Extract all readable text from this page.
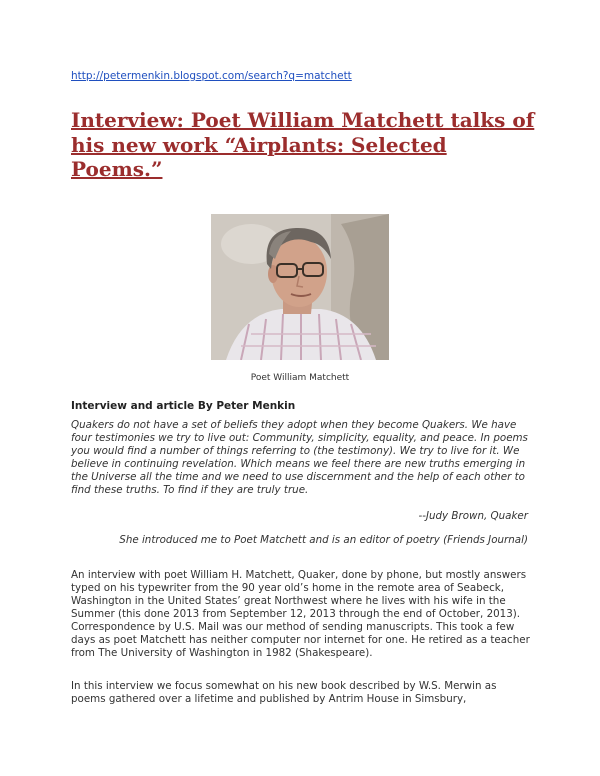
http://petermenkin.blogspot.com/search?q=matchett
Interview: Poet William Matchett talks of his new work “Airplants: Selected Poems.”
Poet William Matchett
Interview and article By Peter Menkin

Quakers do not have a set of beliefs they adopt when they become Quakers. We have four testimonies we try to live out: Community, simplicity, equality, and peace. In poems you would find a number of things referring to (the testimony). We try to live for it. We believe in continuing revelation. Which means we feel there are new truths emerging in the Universe all the time and we need to use discernment and the help of each other to find these truths. To find if they are truly true.

--Judy Brown, Quaker
She introduced me to Poet Matchett and is an editor of poetry (Friends Journal)

An interview with poet William H. Matchett, Quaker, done by phone, but mostly answers typed on his typewriter from the 90 year old’s home in the remote area of Seabeck, Washington in the United States’ great Northwest where he lives with his wife in the Summer (this done 2013 from September 12, 2013 through the end of October, 2013). Correspondence by U.S. Mail was our method of sending manuscripts. This took a few days as poet Matchett has neither computer nor internet for one. He retired as a teacher from The University of Washington in 1982 (Shakespeare).

In this interview we focus somewhat on his new book described by W.S. Merwin as poems gathered over a lifetime and published by Antrim House in Simsbury,
